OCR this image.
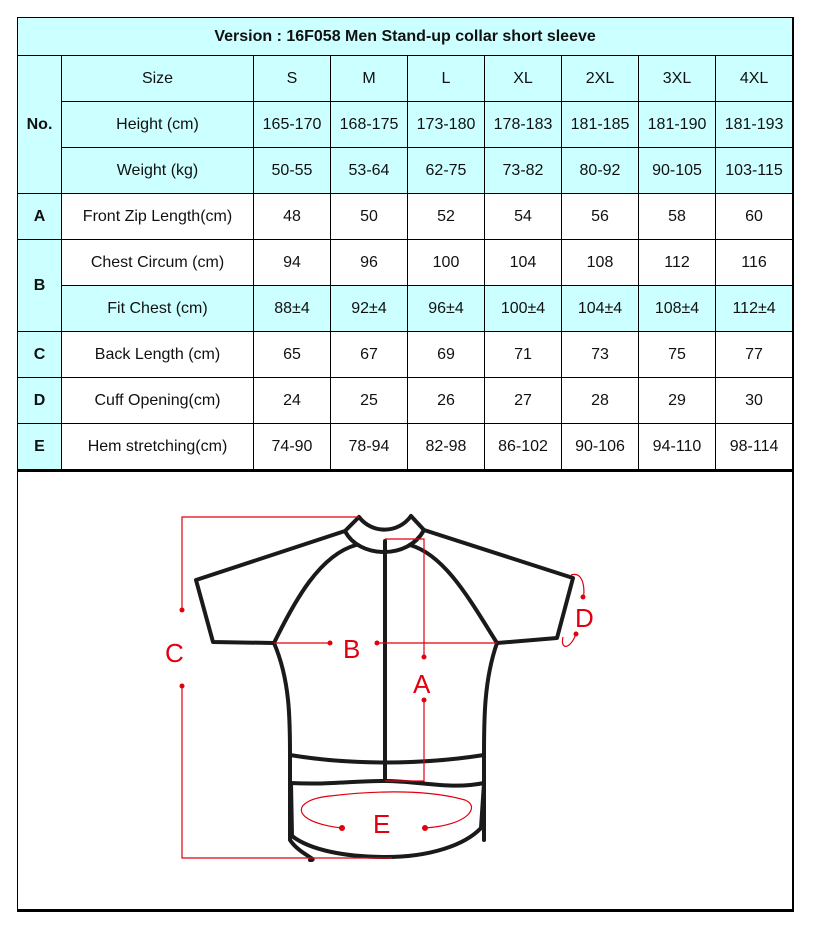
Version : 16F058 Men Stand-up collar short sleeve								
No.	Size	S	M	L	XL	2XL	3XL	4XL
	Height (cm)	165-170	168-175	173-180	178-183	181-185	181-190	181-193
	Weight (kg)	50-55	53-64	62-75	73-82	80-92	90-105	103-115
A	Front Zip Length(cm)	48	50	52	54	56	58	60
B	Chest Circum (cm)	94	96	100	104	108	112	116
	Fit Chest (cm)	88±4	92±4	96±4	100±4	104±4	108±4	112±4
C	Back Length (cm)	65	67	69	71	73	75	77
D	Cuff Opening(cm)	24	25	26	27	28	29	30
E	Hem stretching(cm)	74-90	78-94	82-98	86-102	90-106	94-110	98-114
C	B
A
D
E
